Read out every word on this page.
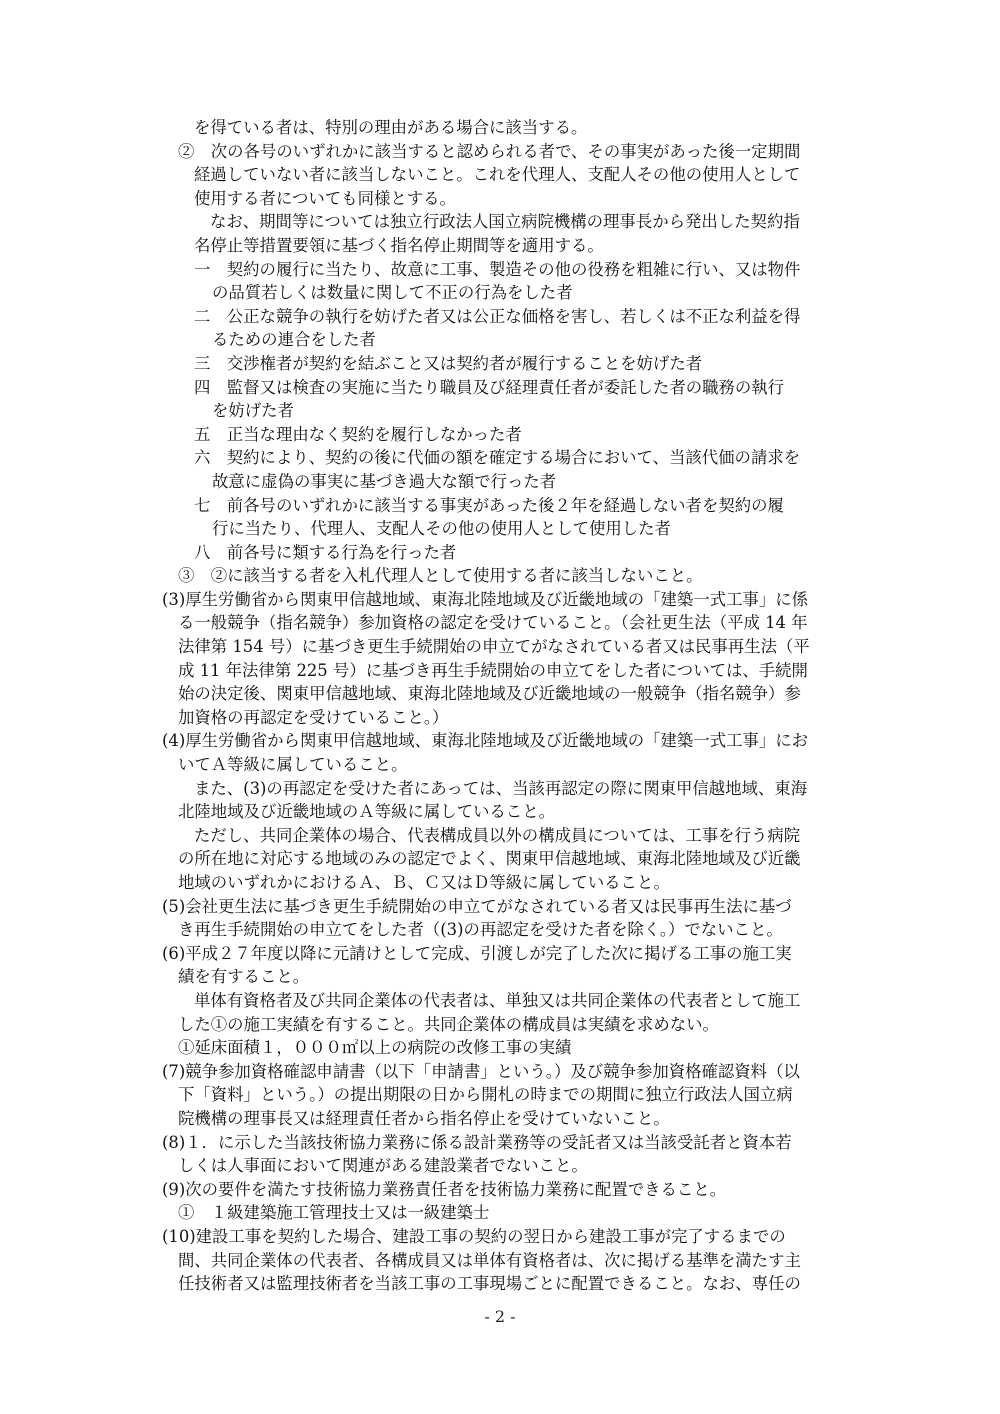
を得ている者は、特別の理由がある場合に該当する。
②　次の各号のいずれかに該当すると認められる者で、その事実があった後一定期間
経過していない者に該当しないこと。これを代理人、支配人その他の使用人として
使用する者についても同様とする。
なお、期間等については独立行政法人国立病院機構の理事長から発出した契約指
名停止等措置要領に基づく指名停止期間等を適用する。
一　契約の履行に当たり、故意に工事、製造その他の役務を粗雑に行い、又は物件
の品質若しくは数量に関して不正の行為をした者
二　公正な競争の執行を妨げた者又は公正な価格を害し、若しくは不正な利益を得
るための連合をした者
三　交渉権者が契約を結ぶこと又は契約者が履行することを妨げた者
四　監督又は検査の実施に当たり職員及び経理責任者が委託した者の職務の執行
を妨げた者
五　正当な理由なく契約を履行しなかった者
六　契約により、契約の後に代価の額を確定する場合において、当該代価の請求を
故意に虚偽の事実に基づき過大な額で行った者
七　前各号のいずれかに該当する事実があった後２年を経過しない者を契約の履
行に当たり、代理人、支配人その他の使用人として使用した者
八　前各号に類する行為を行った者
③　②に該当する者を入札代理人として使用する者に該当しないこと。
(3)厚生労働省から関東甲信越地域、東海北陸地域及び近畿地域の「建築一式工事」に係
る一般競争（指名競争）参加資格の認定を受けていること。（会社更生法（平成 14 年
法律第 154 号）に基づき更生手続開始の申立てがなされている者又は民事再生法（平
成 11 年法律第 225 号）に基づき再生手続開始の申立てをした者については、手続開
始の決定後、関東甲信越地域、東海北陸地域及び近畿地域の一般競争（指名競争）参
加資格の再認定を受けていること。）
(4)厚生労働省から関東甲信越地域、東海北陸地域及び近畿地域の「建築一式工事」にお
いてＡ等級に属していること。
また、(3)の再認定を受けた者にあっては、当該再認定の際に関東甲信越地域、東海
北陸地域及び近畿地域のＡ等級に属していること。
ただし、共同企業体の場合、代表構成員以外の構成員については、工事を行う病院
の所在地に対応する地域のみの認定でよく、関東甲信越地域、東海北陸地域及び近畿
地域のいずれかにおけるＡ、Ｂ、Ｃ又はＤ等級に属していること。
(5)会社更生法に基づき更生手続開始の申立てがなされている者又は民事再生法に基づ
き再生手続開始の申立てをした者（(3)の再認定を受けた者を除く。）でないこと。
(6)平成２７年度以降に元請けとして完成、引渡しが完了した次に掲げる工事の施工実
績を有すること。
単体有資格者及び共同企業体の代表者は、単独又は共同企業体の代表者として施工
した①の施工実績を有すること。共同企業体の構成員は実績を求めない。
①延床面積１，０００㎡以上の病院の改修工事の実績
(7)競争参加資格確認申請書（以下「申請書」という。）及び競争参加資格確認資料（以
下「資料」という。）の提出期限の日から開札の時までの期間に独立行政法人国立病
院機構の理事長又は経理責任者から指名停止を受けていないこと。
(8)１．に示した当該技術協力業務に係る設計業務等の受託者又は当該受託者と資本若
しくは人事面において関連がある建設業者でないこと。
(9)次の要件を満たす技術協力業務責任者を技術協力業務に配置できること。
①　１級建築施工管理技士又は一級建築士
(10)建設工事を契約した場合、建設工事の契約の翌日から建設工事が完了するまでの
間、共同企業体の代表者、各構成員又は単体有資格者は、次に掲げる基準を満たす主
任技術者又は監理技術者を当該工事の工事現場ごとに配置できること。なお、専任の
- 2 -
